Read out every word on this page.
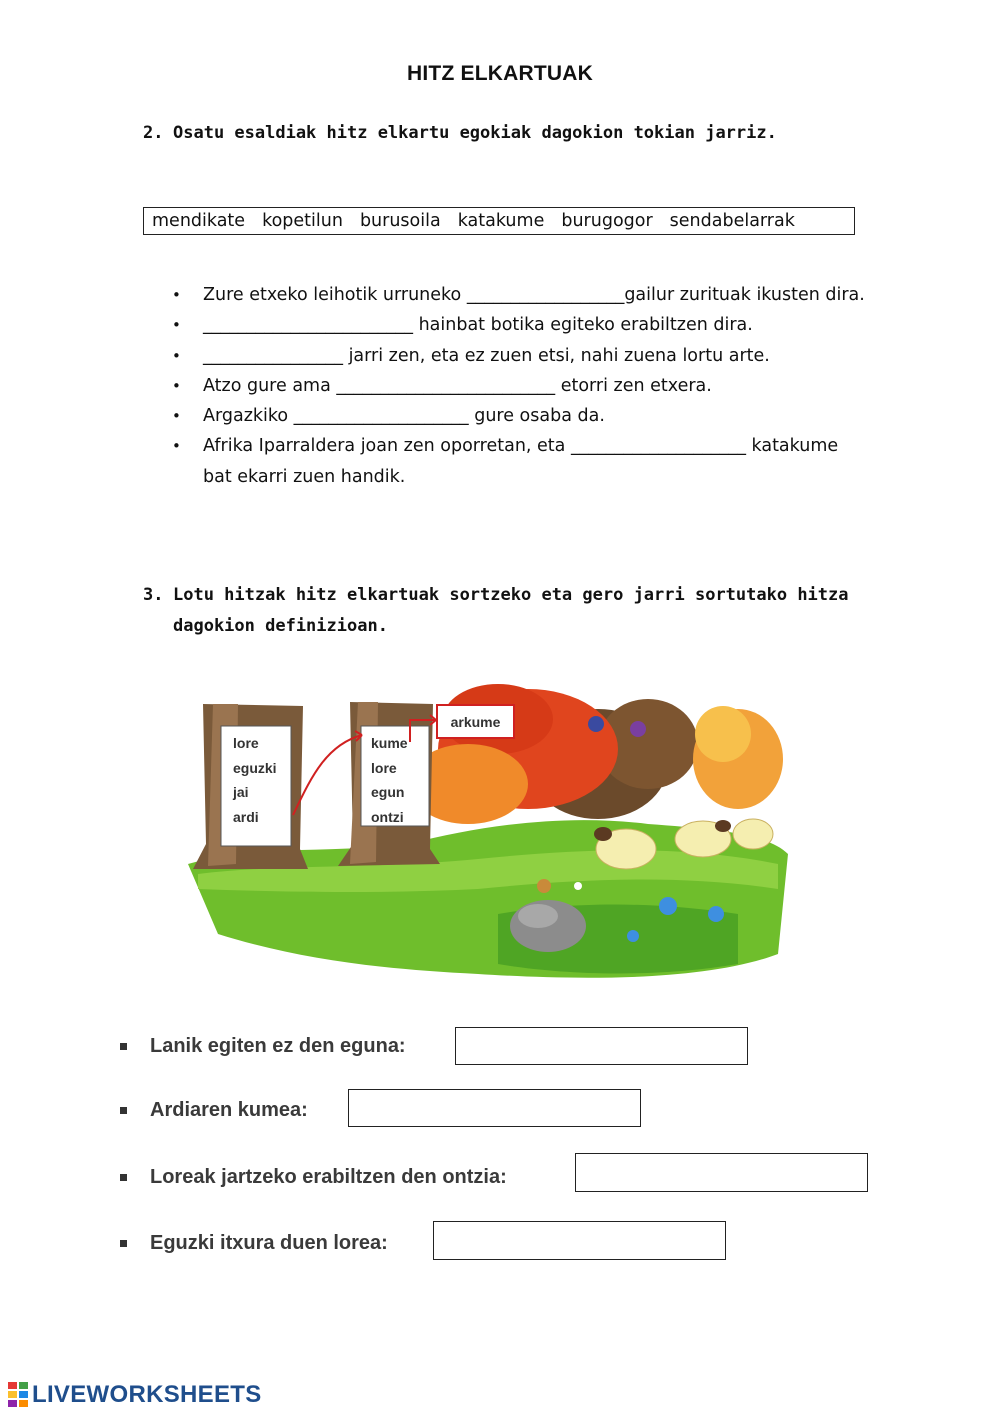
HITZ ELKARTUAK
2. Osatu esaldiak hitz elkartu egokiak dagokion tokian jarriz.
mendikate kopetilun burusoila katakume burugogor sendabelarrak
• Zure etxeko leihotik urruneko __________________gailur zurituak ikusten dira.
• ________________________ hainbat botika egiteko erabiltzen dira.
• ________________ jarri zen, eta ez zuen etsi, nahi zuena lortu arte.
• Atzo gure ama _________________________ etorri zen etxera.
• Argazkiko ____________________ gure osaba da.
• Afrika Iparraldera joan zen oporretan, eta ____________________ katakume bat ekarri zuen handik.
3. Lotu hitzak hitz elkartuak sortzeko eta gero jarri sortutako hitza
dagokion definizioan.
lore
eguzki
jai
ardi
kume
lore
egun
ontzi
arkume
Lanik egiten ez den eguna:
Ardiaren kumea:
Loreak jartzeko erabiltzen den ontzia:
Eguzki itxura duen lorea:
LIVEWORKSHEETS
